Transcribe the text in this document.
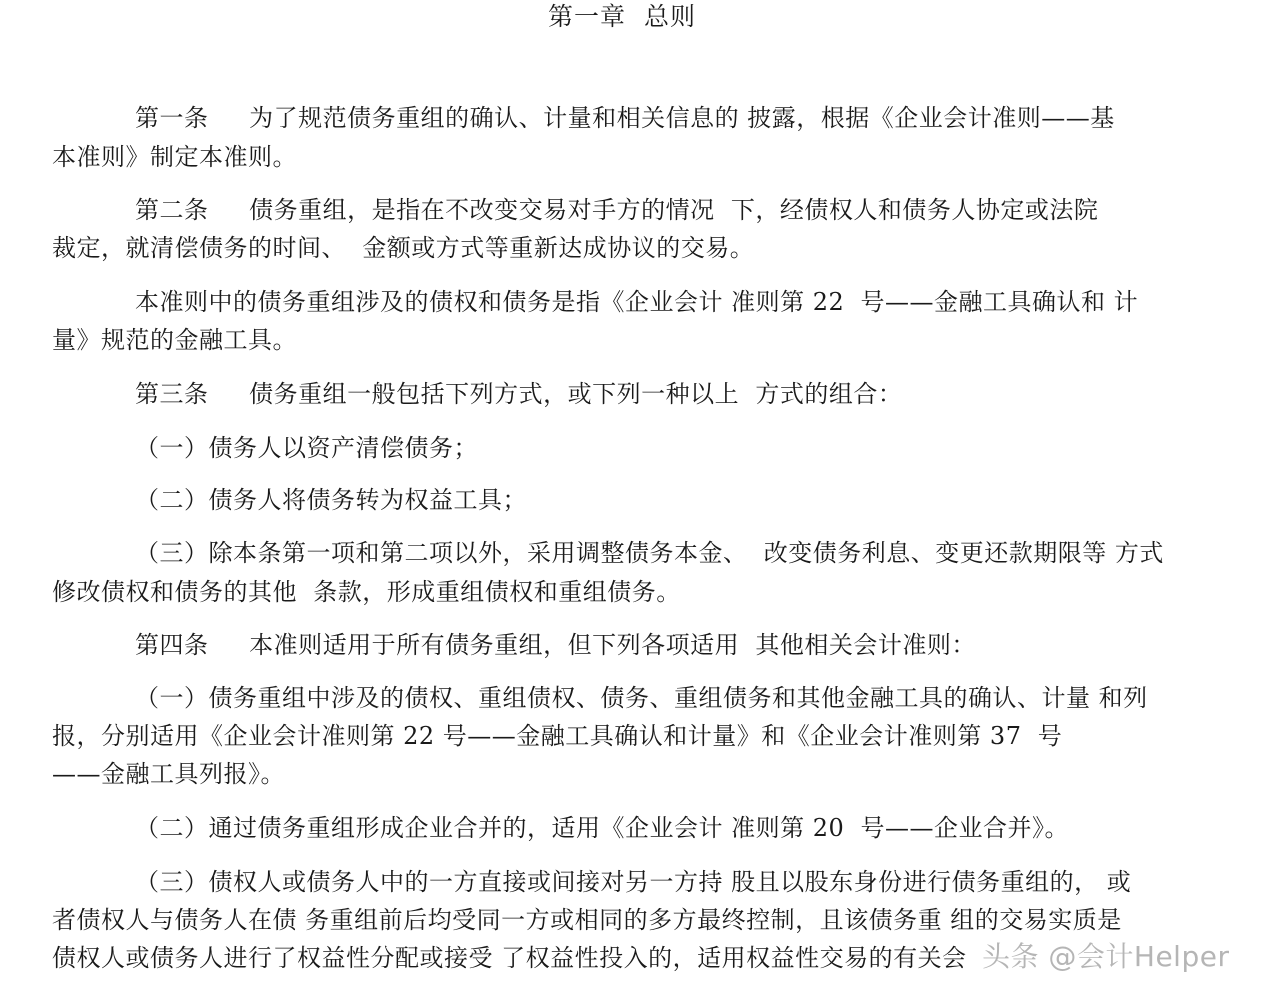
第一章  总则
第一条     为了规范债务重组的确认、计量和相关信息的 披露，根据《企业会计准则——基
本准则》制定本准则。
第二条     债务重组，是指在不改变交易对手方的情况  下，经债权人和债务人协定或法院
裁定，就清偿债务的时间、  金额或方式等重新达成协议的交易。
本准则中的债务重组涉及的债权和债务是指《企业会计 准则第 22  号——金融工具确认和 计
量》规范的金融工具。
第三条     债务重组一般包括下列方式，或下列一种以上  方式的组合：
（一）债务人以资产清偿债务；
（二）债务人将债务转为权益工具；
（三）除本条第一项和第二项以外，采用调整债务本金、  改变债务利息、变更还款期限等 方式
修改债权和债务的其他  条款，形成重组债权和重组债务。
第四条     本准则适用于所有债务重组，但下列各项适用  其他相关会计准则：
（一）债务重组中涉及的债权、重组债权、债务、重组债务和其他金融工具的确认、计量 和列
报，分别适用《企业会计准则第 22 号——金融工具确认和计量》和《企业会计准则第 37  号
——金融工具列报》。
（二）通过债务重组形成企业合并的，适用《企业会计 准则第 20  号——企业合并》。
（三）债权人或债务人中的一方直接或间接对另一方持 股且以股东身份进行债务重组的， 或
者债权人与债务人在债 务重组前后均受同一方或相同的多方最终控制，且该债务重 组的交易实质是
债权人或债务人进行了权益性分配或接受 了权益性投入的，适用权益性交易的有关会 头条 @会计Helper
